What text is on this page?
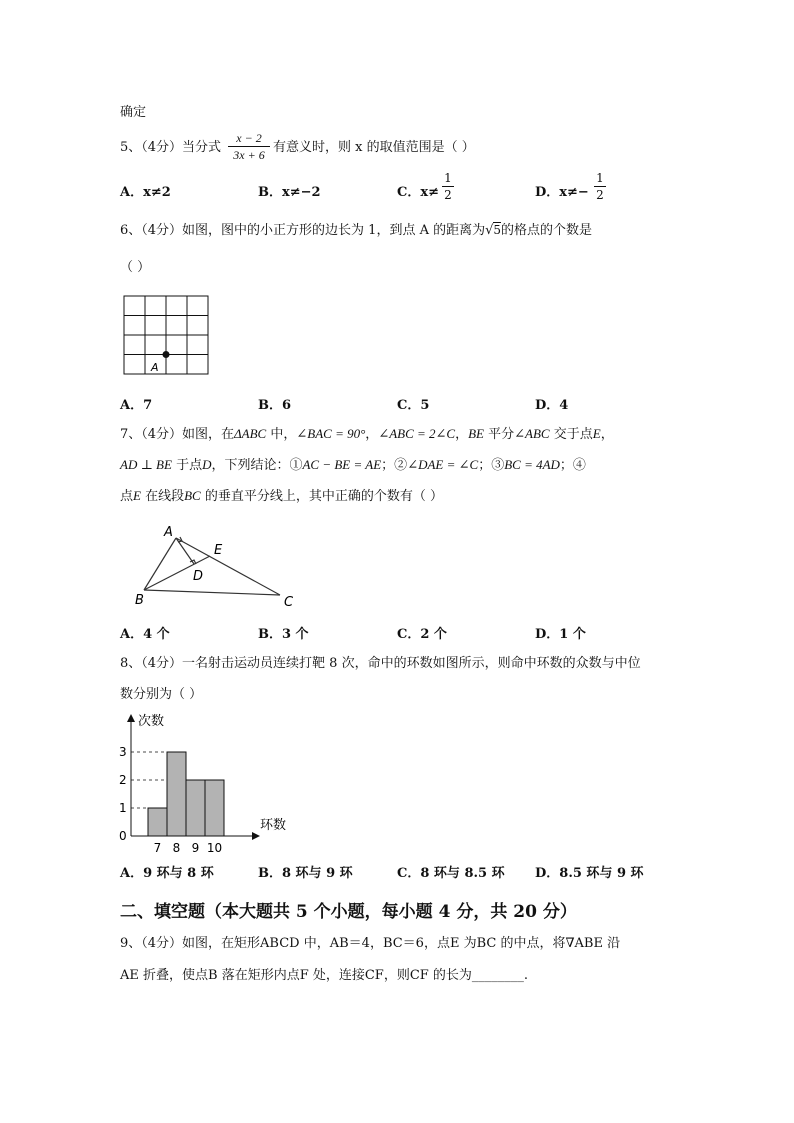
确定
5、（4分）当分式
x − 2
3x + 6 有意义时，则 x 的取值范围是（ ）
A．x≠2	B．x≠−2	C．x≠
1
2	D．x≠−
1
2
6、（4分）如图，图中的小正方形的边长为 1，到点 A 的距离为√5的格点的个数是
（ ）
A
A．7	B．6	C．5	D．4
7、（4分）如图，在ΔABC 中，∠BAC = 90°，∠ABC = 2∠C，BE 平分∠ABC 交于点E，
AD ⊥ BE 于点D，下列结论：①AC − BE = AE；②∠DAE = ∠C；③BC = 4AD；④
点E 在线段BC 的垂直平分线上，其中正确的个数有（ ）
A
E
D
B	C
A．4 个	B．3 个	C．2 个	D．1 个
8、（4分）一名射击运动员连续打靶 8 次，命中的环数如图所示，则命中环数的众数与中位
数分别为（ ）
次数
环数
0
1
2
3
7 8 9 10
A．9 环与 8 环	B．8 环与 9 环	C．8 环与 8.5 环 D．8.5 环与 9 环
二、填空题（本大题共 5 个小题，每小题 4 分，共 20 分）
9、（4分）如图，在矩形ABCD 中，AB＝4，BC＝6，点E 为BC 的中点，将∇ABE 沿
AE 折叠，使点B 落在矩形内点F 处，连接CF，则CF 的长为________.
